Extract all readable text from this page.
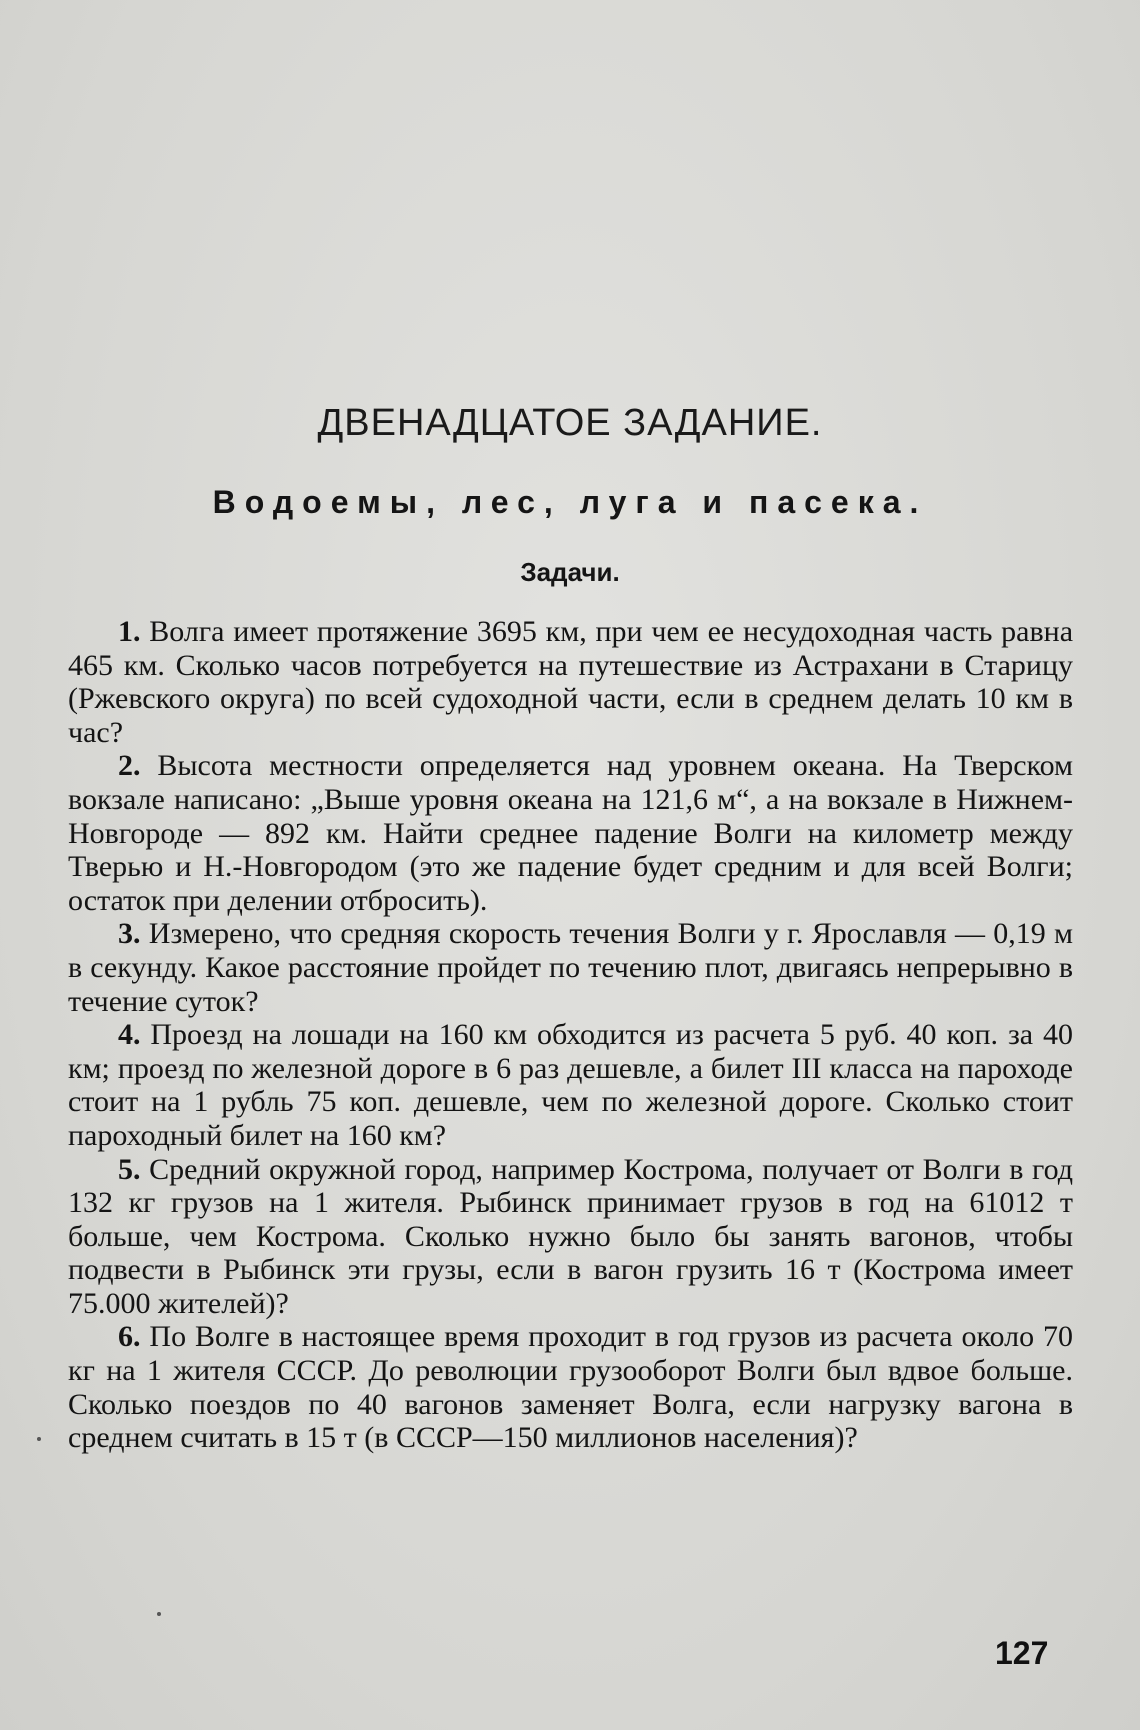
ДВЕНАДЦАТОЕ ЗАДАНИЕ.
Водоемы, лес, луга и пасека.
Задачи.

1. Волга имеет протяжение 3695 км, при чем ее несудоходная часть равна 465 км. Сколько часов потребуется на путешествие из Астрахани в Старицу (Ржевского округа) по всей судоходной части, если в среднем делать 10 км в час?

2. Высота местности определяется над уровнем океана. На Тверском вокзале написано: „Выше уровня океана на 121,6 м“, а на вокзале в Нижнем-Новгороде — 892 км. Найти среднее падение Волги на километр между Тверью и Н.-Новгородом (это же падение будет средним и для всей Волги; остаток при делении отбросить).

3. Измерено, что средняя скорость течения Волги у г. Ярославля — 0,19 м в секунду. Какое расстояние пройдет по течению плот, двигаясь непрерывно в течение суток?

4. Проезд на лошади на 160 км обходится из расчета 5 руб. 40 коп. за 40 км; проезд по железной дороге в 6 раз дешевле, а билет III класса на пароходе стоит на 1 рубль 75 коп. дешевле, чем по железной дороге. Сколько стоит пароходный билет на 160 км?

5. Средний окружной город, например Кострома, получает от Волги в год 132 кг грузов на 1 жителя. Рыбинск принимает грузов в год на 61012 т больше, чем Кострома. Сколько нужно было бы занять вагонов, чтобы подвести в Рыбинск эти грузы, если в вагон грузить 16 т (Кострома имеет 75.000 жителей)?

6. По Волге в настоящее время проходит в год грузов из расчета около 70 кг на 1 жителя СССР. До революции грузооборот Волги был вдвое больше. Сколько поездов по 40 вагонов заменяет Волга, если нагрузку вагона в среднем считать в 15 т (в СССР—150 миллионов населения)?

127
